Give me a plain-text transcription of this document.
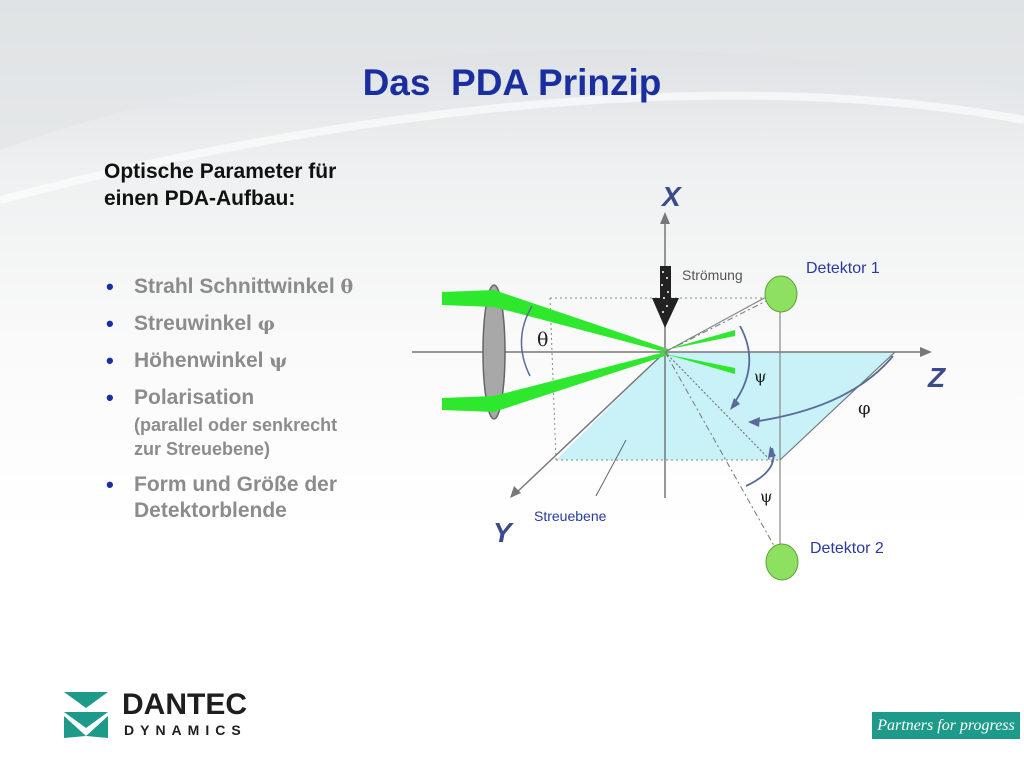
Das PDA Prinzip
Optische Parameter für
einen PDA-Aufbau:
• Strahl Schnittwinkel θ
• Streuwinkel φ
• Höhenwinkel ψ
• Polarisation
(parallel oder senkrecht
zur Streuebene)
• Form und Größe der
Detektorblende
θ
Strömung	Detektor 1
Detektor 2
ψ
φ
ψ
Streuebene
X
Z
Y
DANTEC
DYNAMICS	Partners for progress
